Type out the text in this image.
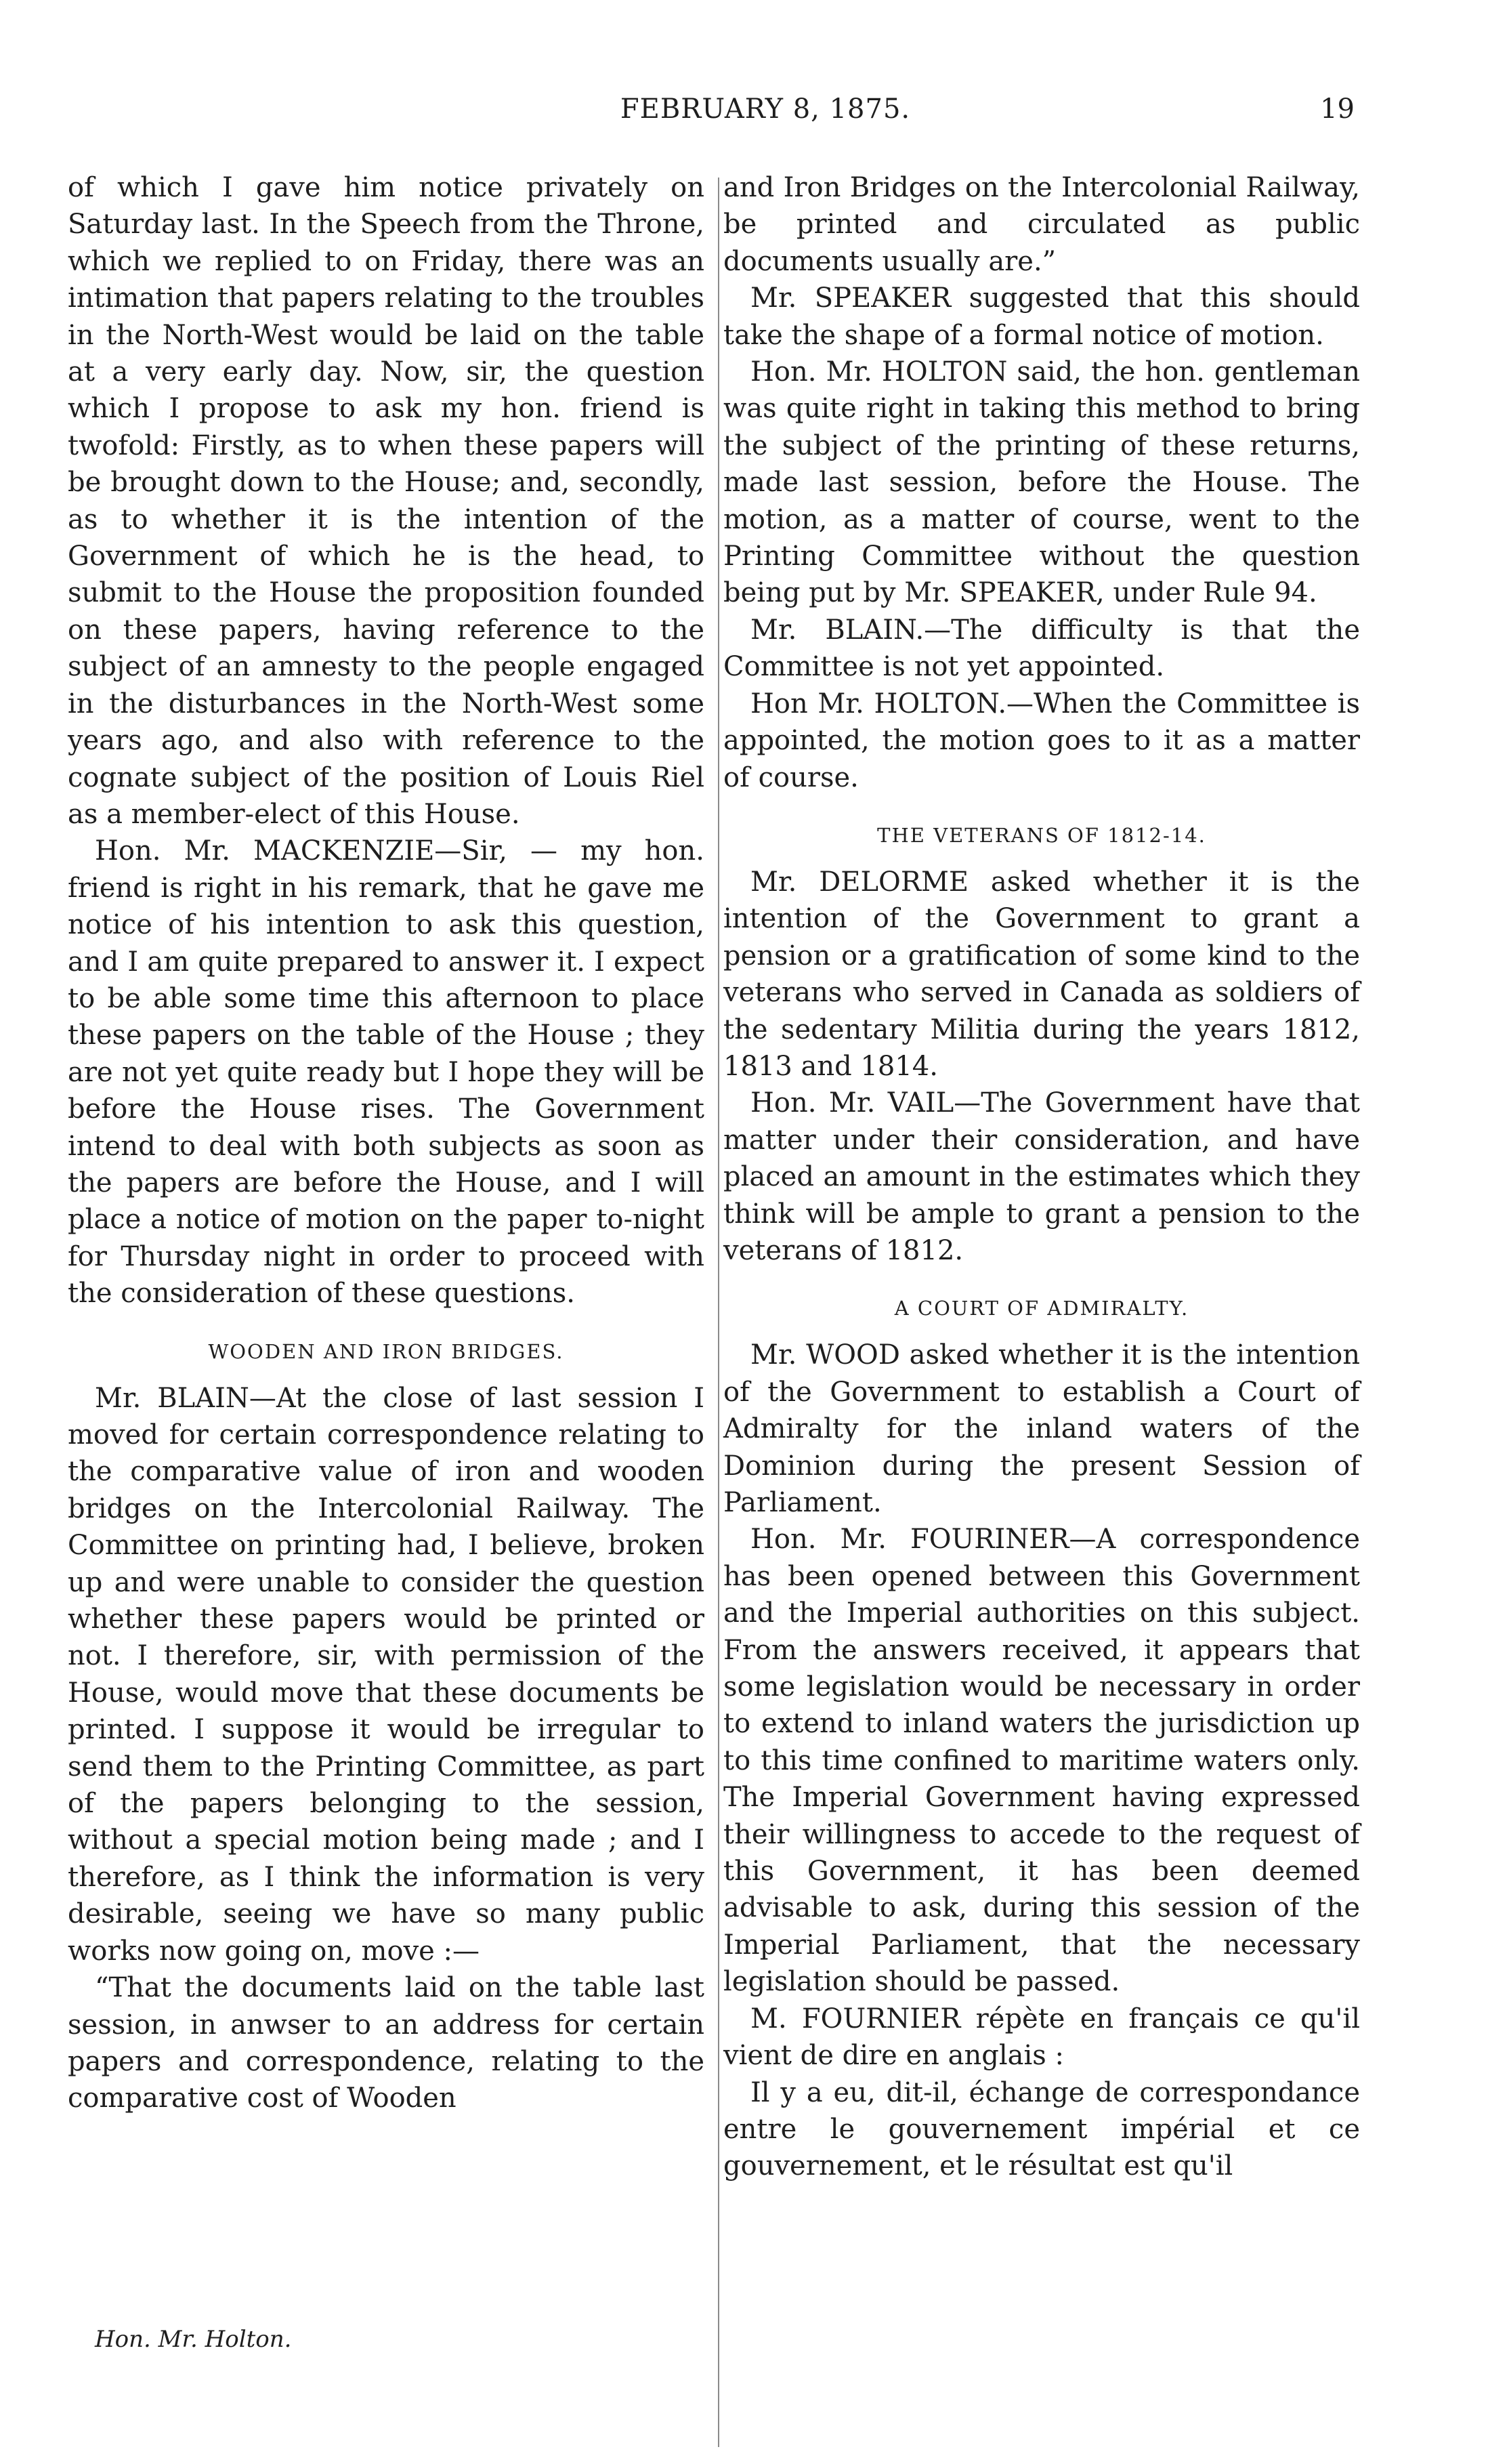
FEBRUARY 8, 1875.	19

of which I gave him notice privately on Saturday last. In the Speech from the Throne, which we replied to on Friday, there was an intimation that papers relating to the troubles in the North-West would be laid on the table at a very early day. Now, sir, the question which I propose to ask my hon. friend is twofold: Firstly, as to when these papers will be brought down to the House; and, secondly, as to whether it is the intention of the Government of which he is the head, to submit to the House the proposition founded on these papers, having reference to the subject of an amnesty to the people engaged in the disturbances in the North-West some years ago, and also with reference to the cognate subject of the position of Louis Riel as a member-elect of this House.

Hon. Mr. MACKENZIE—Sir, — my hon. friend is right in his remark, that he gave me notice of his intention to ask this question, and I am quite prepared to answer it. I expect to be able some time this afternoon to place these papers on the table of the House ; they are not yet quite ready but I hope they will be before the House rises. The Government intend to deal with both subjects as soon as the papers are before the House, and I will place a notice of motion on the paper to-night for Thursday night in order to proceed with the consideration of these questions.

WOODEN AND IRON BRIDGES.

Mr. BLAIN—At the close of last session I moved for certain correspondence relating to the comparative value of iron and wooden bridges on the Intercolonial Railway. The Committee on printing had, I believe, broken up and were unable to consider the question whether these papers would be printed or not. I therefore, sir, with permission of the House, would move that these documents be printed. I suppose it would be irregular to send them to the Printing Committee, as part of the papers belonging to the session, without a special motion being made ; and I therefore, as I think the information is very desirable, seeing we have so many public works now going on, move :—

“That the documents laid on the table last session, in anwser to an address for certain papers and correspondence, relating to the comparative cost of Wooden

and Iron Bridges on the Intercolonial Railway, be printed and circulated as public documents usually are.”

Mr. SPEAKER suggested that this should take the shape of a formal notice of motion.

Hon. Mr. HOLTON said, the hon. gentleman was quite right in taking this method to bring the subject of the printing of these returns, made last session, before the House. The motion, as a matter of course, went to the Printing Committee without the question being put by Mr. SPEAKER, under Rule 94.

Mr. BLAIN.—The difficulty is that the Committee is not yet appointed.

Hon Mr. HOLTON.—When the Committee is appointed, the motion goes to it as a matter of course.

THE VETERANS OF 1812-14.

Mr. DELORME asked whether it is the intention of the Government to grant a pension or a gratification of some kind to the veterans who served in Canada as soldiers of the sedentary Militia during the years 1812, 1813 and 1814.

Hon. Mr. VAIL—The Government have that matter under their consideration, and have placed an amount in the estimates which they think will be ample to grant a pension to the veterans of 1812.

A COURT OF ADMIRALTY.

Mr. WOOD asked whether it is the intention of the Government to establish a Court of Admiralty for the inland waters of the Dominion during the present Session of Parliament.

Hon. Mr. FOURINER—A correspondence has been opened between this Government and the Imperial authorities on this subject. From the answers received, it appears that some legislation would be necessary in order to extend to inland waters the jurisdiction up to this time confined to maritime waters only. The Imperial Government having expressed their willingness to accede to the request of this Government, it has been deemed advisable to ask, during this session of the Imperial Parliament, that the necessary legislation should be passed.

M. FOURNIER répète en français ce qu'il vient de dire en anglais :

Il y a eu, dit-il, échange de correspondance entre le gouvernement impérial et ce gouvernement, et le résultat est qu'il

Hon. Mr. Holton.
